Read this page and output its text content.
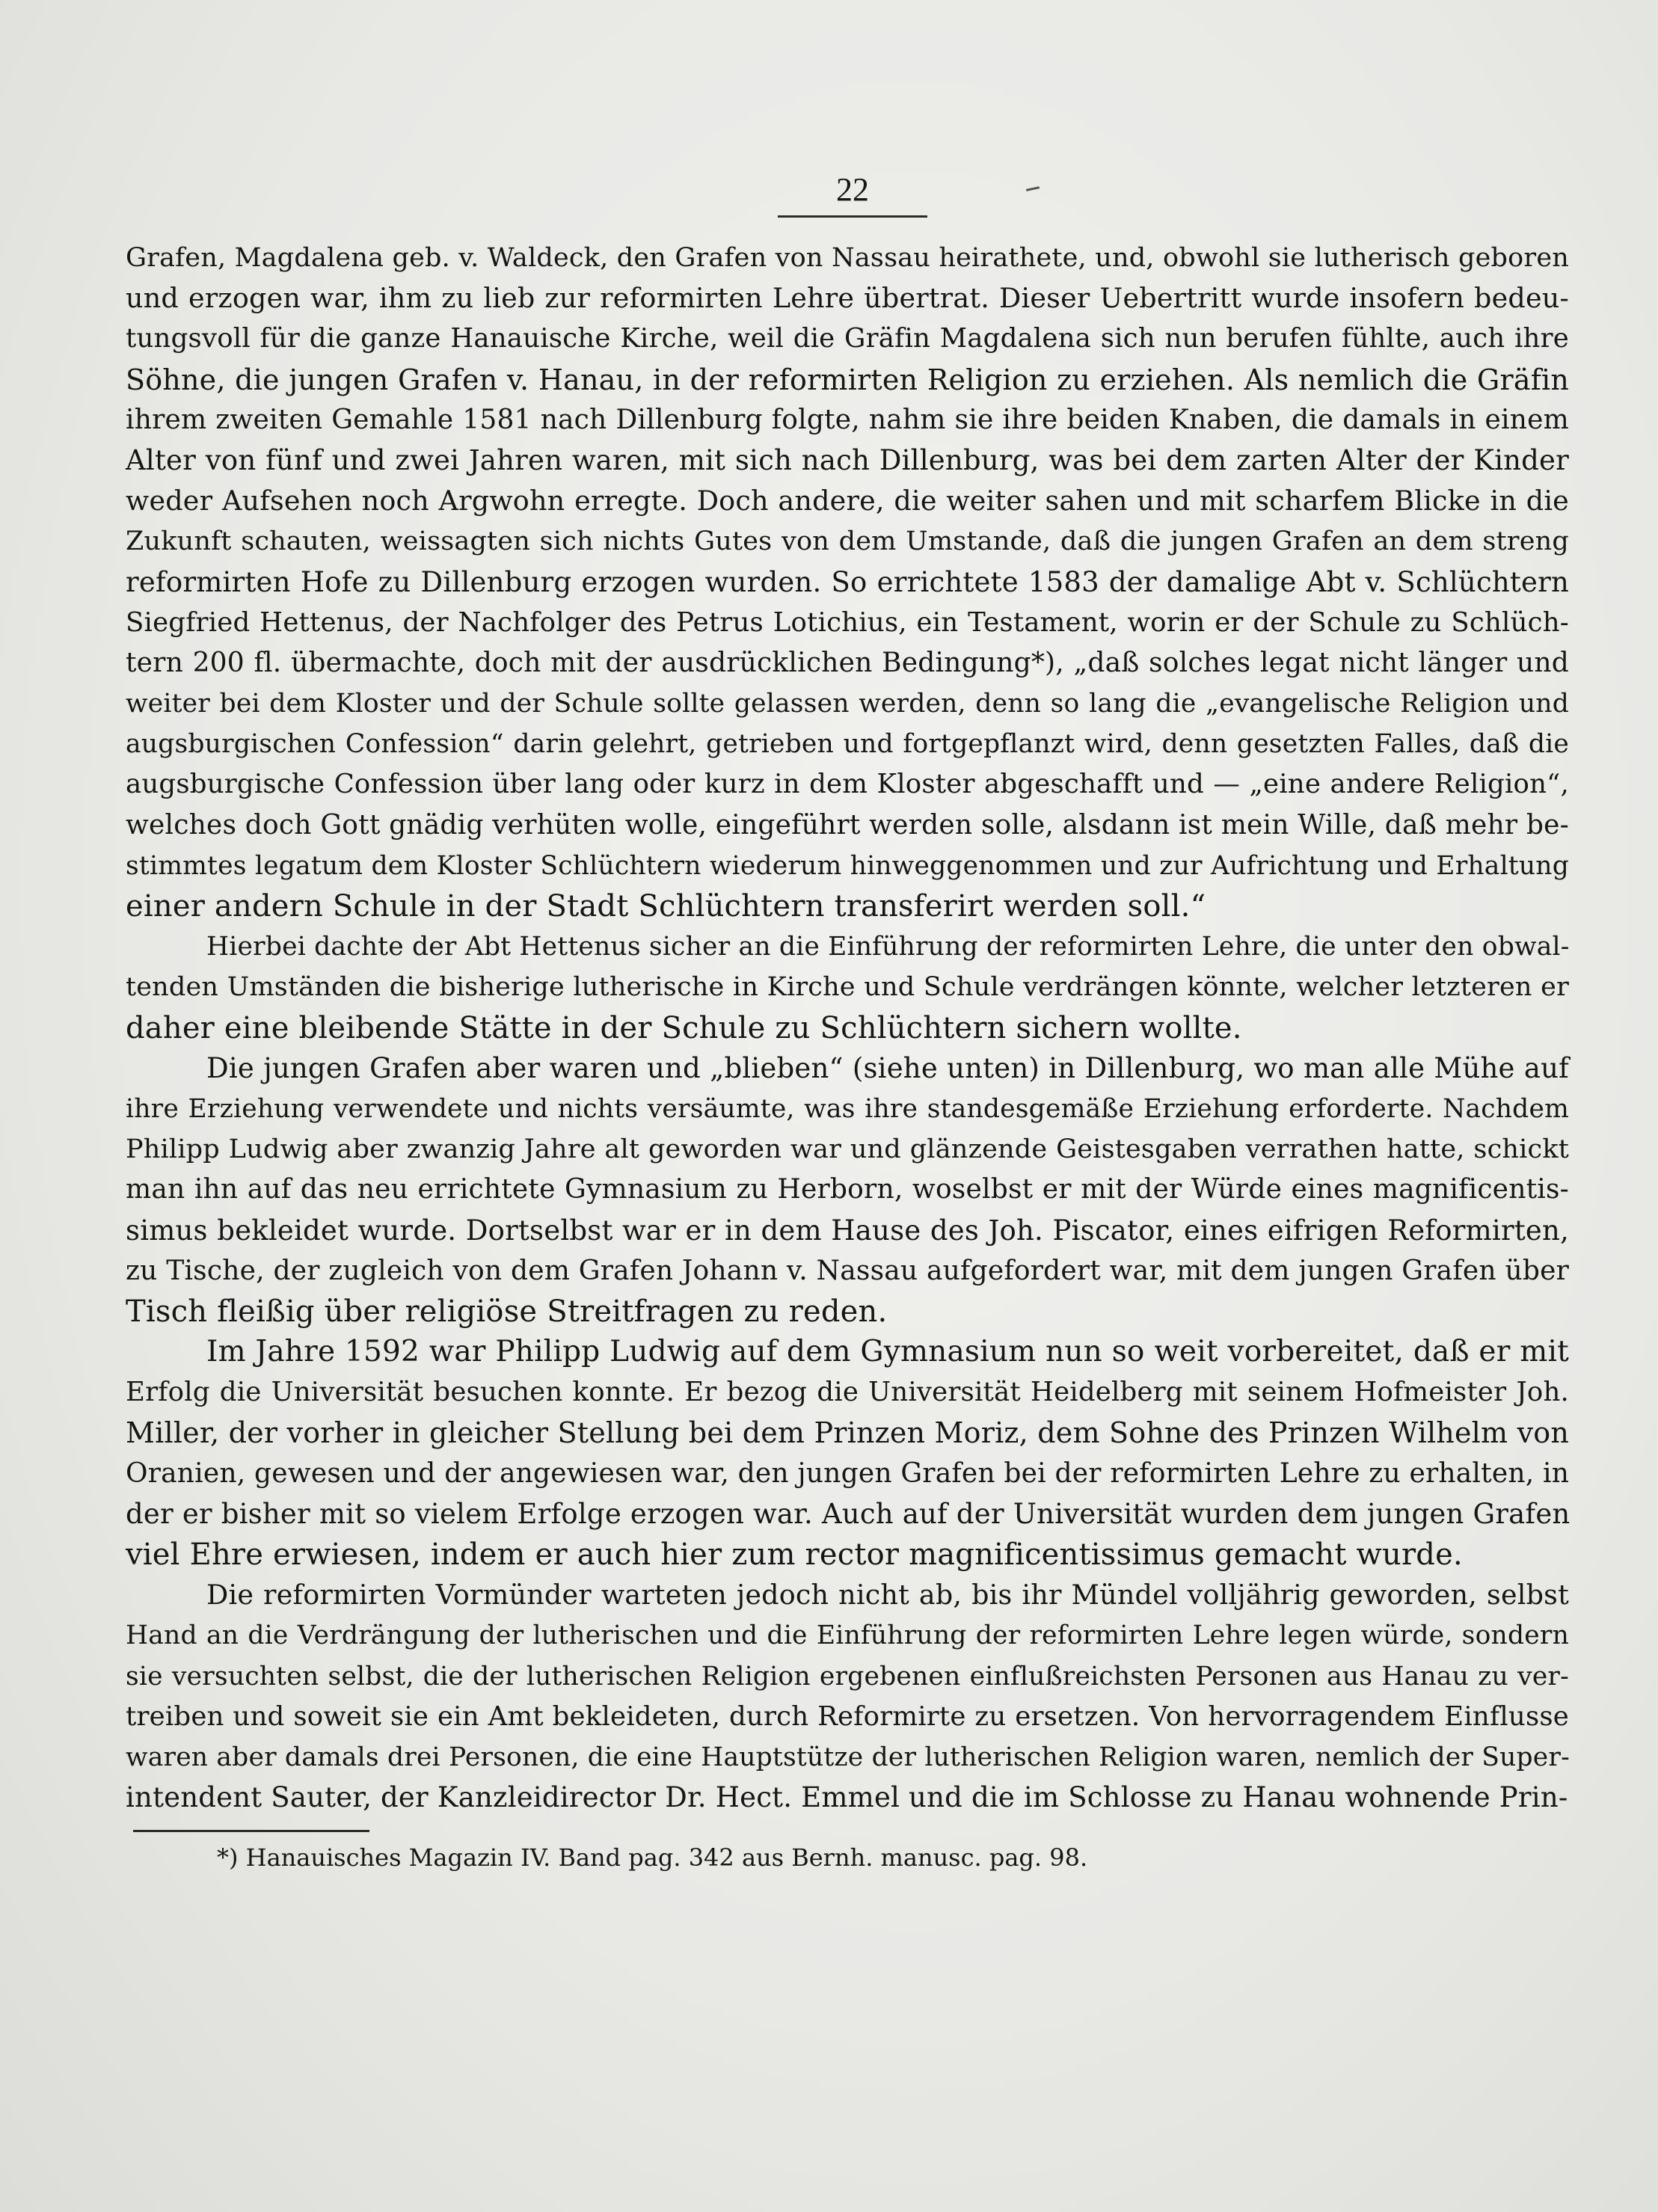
22
Grafen, Magdalena geb. v. Waldeck, den Grafen von Nassau heirathete, und, obwohl sie lutherisch geboren
und erzogen war, ihm zu lieb zur reformirten Lehre übertrat. Dieser Uebertritt wurde insofern bedeu-
tungsvoll für die ganze Hanauische Kirche, weil die Gräfin Magdalena sich nun berufen fühlte, auch ihre
Söhne, die jungen Grafen v. Hanau, in der reformirten Religion zu erziehen. Als nemlich die Gräfin
ihrem zweiten Gemahle 1581 nach Dillenburg folgte, nahm sie ihre beiden Knaben, die damals in einem
Alter von fünf und zwei Jahren waren, mit sich nach Dillenburg, was bei dem zarten Alter der Kinder
weder Aufsehen noch Argwohn erregte. Doch andere, die weiter sahen und mit scharfem Blicke in die
Zukunft schauten, weissagten sich nichts Gutes von dem Umstande, daß die jungen Grafen an dem streng
reformirten Hofe zu Dillenburg erzogen wurden. So errichtete 1583 der damalige Abt v. Schlüchtern
Siegfried Hettenus, der Nachfolger des Petrus Lotichius, ein Testament, worin er der Schule zu Schlüch-
tern 200 fl. übermachte, doch mit der ausdrücklichen Bedingung*), „daß solches legat nicht länger und
weiter bei dem Kloster und der Schule sollte gelassen werden, denn so lang die „evangelische Religion und
augsburgischen Confession“ darin gelehrt, getrieben und fortgepflanzt wird, denn gesetzten Falles, daß die
augsburgische Confession über lang oder kurz in dem Kloster abgeschafft und — „eine andere Religion“,
welches doch Gott gnädig verhüten wolle, eingeführt werden solle, alsdann ist mein Wille, daß mehr be-
stimmtes legatum dem Kloster Schlüchtern wiederum hinweggenommen und zur Aufrichtung und Erhaltung
einer andern Schule in der Stadt Schlüchtern transferirt werden soll.“
Hierbei dachte der Abt Hettenus sicher an die Einführung der reformirten Lehre, die unter den obwal-
tenden Umständen die bisherige lutherische in Kirche und Schule verdrängen könnte, welcher letzteren er
daher eine bleibende Stätte in der Schule zu Schlüchtern sichern wollte.
Die jungen Grafen aber waren und „blieben“ (siehe unten) in Dillenburg, wo man alle Mühe auf
ihre Erziehung verwendete und nichts versäumte, was ihre standesgemäße Erziehung erforderte. Nachdem
Philipp Ludwig aber zwanzig Jahre alt geworden war und glänzende Geistesgaben verrathen hatte, schickt
man ihn auf das neu errichtete Gymnasium zu Herborn, woselbst er mit der Würde eines magnificentis-
simus bekleidet wurde. Dortselbst war er in dem Hause des Joh. Piscator, eines eifrigen Reformirten,
zu Tische, der zugleich von dem Grafen Johann v. Nassau aufgefordert war, mit dem jungen Grafen über
Tisch fleißig über religiöse Streitfragen zu reden.
Im Jahre 1592 war Philipp Ludwig auf dem Gymnasium nun so weit vorbereitet, daß er mit
Erfolg die Universität besuchen konnte. Er bezog die Universität Heidelberg mit seinem Hofmeister Joh.
Miller, der vorher in gleicher Stellung bei dem Prinzen Moriz, dem Sohne des Prinzen Wilhelm von
Oranien, gewesen und der angewiesen war, den jungen Grafen bei der reformirten Lehre zu erhalten, in
der er bisher mit so vielem Erfolge erzogen war. Auch auf der Universität wurden dem jungen Grafen
viel Ehre erwiesen, indem er auch hier zum rector magnificentissimus gemacht wurde.
Die reformirten Vormünder warteten jedoch nicht ab, bis ihr Mündel volljährig geworden, selbst
Hand an die Verdrängung der lutherischen und die Einführung der reformirten Lehre legen würde, sondern
sie versuchten selbst, die der lutherischen Religion ergebenen einflußreichsten Personen aus Hanau zu ver-
treiben und soweit sie ein Amt bekleideten, durch Reformirte zu ersetzen. Von hervorragendem Einflusse
waren aber damals drei Personen, die eine Hauptstütze der lutherischen Religion waren, nemlich der Super-
intendent Sauter, der Kanzleidirector Dr. Hect. Emmel und die im Schlosse zu Hanau wohnende Prin-
*) Hanauisches Magazin IV. Band pag. 342 aus Bernh. manusc. pag. 98.
